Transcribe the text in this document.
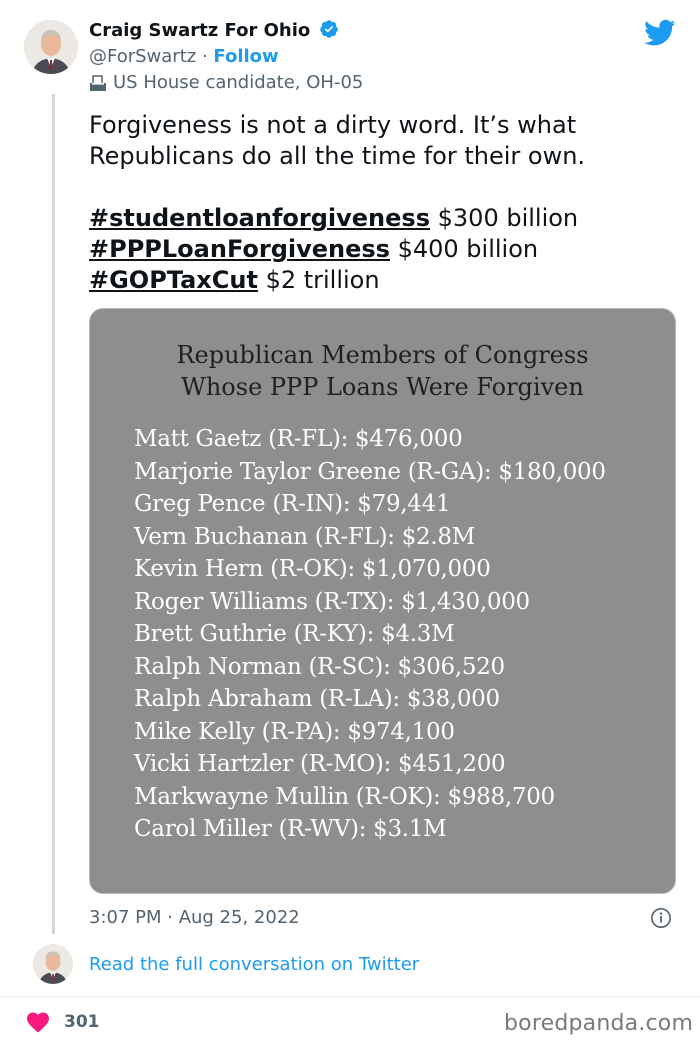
Craig Swartz For Ohio
@ForSwartz · Follow
US House candidate, OH-05

Forgiveness is not a dirty word. It’s what Republicans do all the time for their own.

#studentloanforgiveness $300 billion

#PPPLoanForgiveness $400 billion

#GOPTaxCut $2 trillion

Republican Members of Congress
Whose PPP Loans Were Forgiven
Matt Gaetz (R-FL): $476,000
Marjorie Taylor Greene (R-GA): $180,000
Greg Pence (R-IN): $79,441
Vern Buchanan (R-FL): $2.8M
Kevin Hern (R-OK): $1,070,000
Roger Williams (R-TX): $1,430,000
Brett Guthrie (R-KY): $4.3M
Ralph Norman (R-SC): $306,520
Ralph Abraham (R-LA): $38,000
Mike Kelly (R-PA): $974,100
Vicki Hartzler (R-MO): $451,200
Markwayne Mullin (R-OK): $988,700
Carol Miller (R-WV): $3.1M
3:07 PM · Aug 25, 2022
Read the full conversation on Twitter
301	boredpanda.com
